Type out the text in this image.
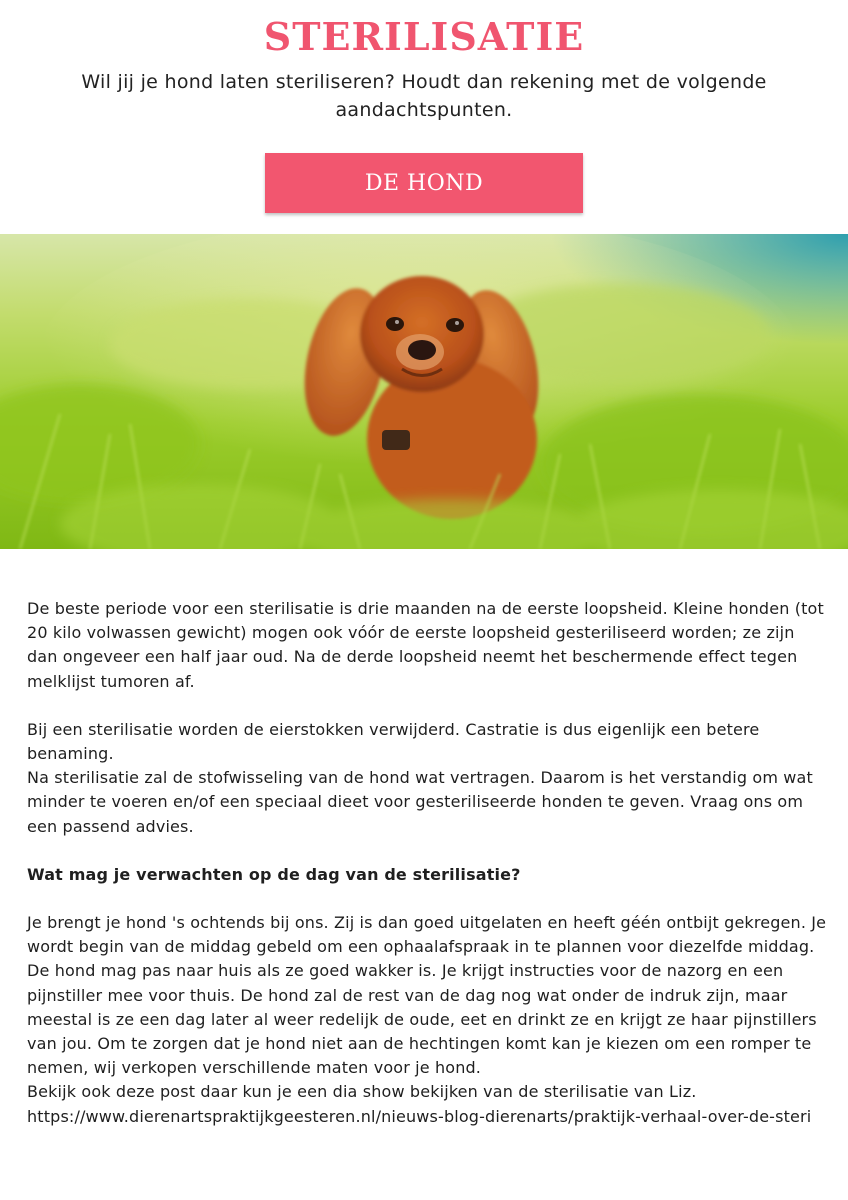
STERILISATIE

Wil jij je hond laten steriliseren? Houdt dan rekening met de volgende aandachtspunten.

DE HOND

De beste periode voor een sterilisatie is drie maanden na de eerste loopsheid. Kleine honden (tot 20 kilo volwassen gewicht) mogen ook vóór de eerste loopsheid gesteriliseerd worden; ze zijn dan ongeveer een half jaar oud. Na de derde loopsheid neemt het beschermende effect tegen melklijst tumoren af.

Bij een sterilisatie worden de eierstokken verwijderd. Castratie is dus eigenlijk een betere benaming.

Na sterilisatie zal de stofwisseling van de hond wat vertragen. Daarom is het verstandig om wat minder te voeren en/of een speciaal dieet voor gesteriliseerde honden te geven. Vraag ons om een passend advies.

Wat mag je verwachten op de dag van de sterilisatie?

Je brengt je hond 's ochtends bij ons. Zij is dan goed uitgelaten en heeft géén ontbijt gekregen. Je wordt begin van de middag gebeld om een ophaalafspraak in te plannen voor diezelfde middag. De hond mag pas naar huis als ze goed wakker is. Je krijgt instructies voor de nazorg en een pijnstiller mee voor thuis. De hond zal de rest van de dag nog wat onder de indruk zijn, maar meestal is ze een dag later al weer redelijk de oude, eet en drinkt ze en krijgt ze haar pijnstillers van jou. Om te zorgen dat je hond niet aan de hechtingen komt kan je kiezen om een romper te nemen, wij verkopen verschillende maten voor je hond.

Bekijk ook deze post daar kun je een dia show bekijken van de sterilisatie van Liz.

https://www.dierenartspraktijkgeesteren.nl/nieuws-blog-dierenarts/praktijk-verhaal-over-de-steri
